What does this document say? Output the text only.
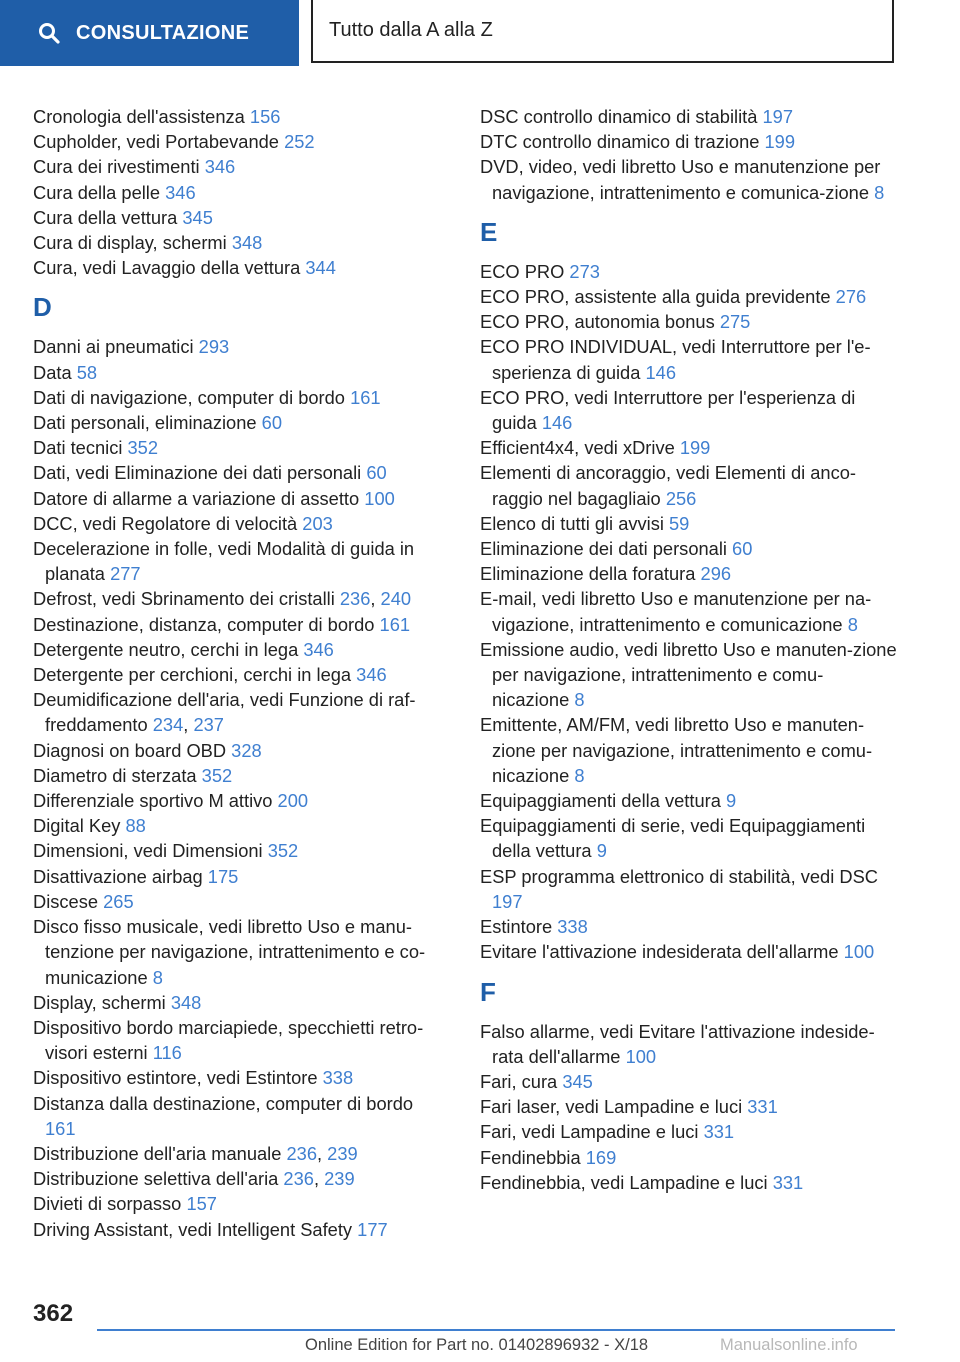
CONSULTAZIONE	Tutto dalla A alla Z
Cronologia dell'assistenza 156
Cupholder, vedi Portabevande 252
Cura dei rivestimenti 346
Cura della pelle 346
Cura della vettura 345
Cura di display, schermi 348
Cura, vedi Lavaggio della vettura 344
D
Danni ai pneumatici 293
Data 58
Dati di navigazione, computer di bordo 161
Dati personali, eliminazione 60
Dati tecnici 352
Dati, vedi Eliminazione dei dati personali 60
Datore di allarme a variazione di assetto 100
DCC, vedi Regolatore di velocità 203
Decelerazione in folle, vedi Modalità di guida in planata 277
Defrost, vedi Sbrinamento dei cristalli 236, 240
Destinazione, distanza, computer di bordo 161
Detergente neutro, cerchi in lega 346
Detergente per cerchioni, cerchi in lega 346
Deumidificazione dell'aria, vedi Funzione di raf‐freddamento 234, 237
Diagnosi on board OBD 328
Diametro di sterzata 352
Differenziale sportivo M attivo 200
Digital Key 88
Dimensioni, vedi Dimensioni 352
Disattivazione airbag 175
Discese 265
Disco fisso musicale, vedi libretto Uso e manu‐tenzione per navigazione, intrattenimento e co‐municazione 8
Display, schermi 348
Dispositivo bordo marciapiede, specchietti retro‐visori esterni 116
Dispositivo estintore, vedi Estintore 338
Distanza dalla destinazione, computer di bordo 161
Distribuzione dell'aria manuale 236, 239
Distribuzione selettiva dell'aria 236, 239
Divieti di sorpasso 157
Driving Assistant, vedi Intelligent Safety 177
DSC controllo dinamico di stabilità 197
DTC controllo dinamico di trazione 199
DVD, video, vedi libretto Uso e manutenzione per navigazione, intrattenimento e comunica‐zione 8
E
ECO PRO 273
ECO PRO, assistente alla guida previdente 276
ECO PRO, autonomia bonus 275
ECO PRO INDIVIDUAL, vedi Interruttore per l'e‐sperienza di guida 146
ECO PRO, vedi Interruttore per l'esperienza di guida 146
Efficient4x4, vedi xDrive 199
Elementi di ancoraggio, vedi Elementi di anco‐raggio nel bagagliaio 256
Elenco di tutti gli avvisi 59
Eliminazione dei dati personali 60
Eliminazione della foratura 296
E-mail, vedi libretto Uso e manutenzione per na‐vigazione, intrattenimento e comunicazione 8
Emissione audio, vedi libretto Uso e manuten‐zione per navigazione, intrattenimento e comu‐nicazione 8
Emittente, AM/FM, vedi libretto Uso e manuten‐zione per navigazione, intrattenimento e comu‐nicazione 8
Equipaggiamenti della vettura 9
Equipaggiamenti di serie, vedi Equipaggiamenti della vettura 9
ESP programma elettronico di stabilità, vedi DSC 197
Estintore 338
Evitare l'attivazione indesiderata dell'allarme 100
F
Falso allarme, vedi Evitare l'attivazione indeside‐rata dell'allarme 100
Fari, cura 345
Fari laser, vedi Lampadine e luci 331
Fari, vedi Lampadine e luci 331
Fendinebbia 169
Fendinebbia, vedi Lampadine e luci 331
362
Online Edition for Part no. 01402896932 - X/18	Manualsonline.info
